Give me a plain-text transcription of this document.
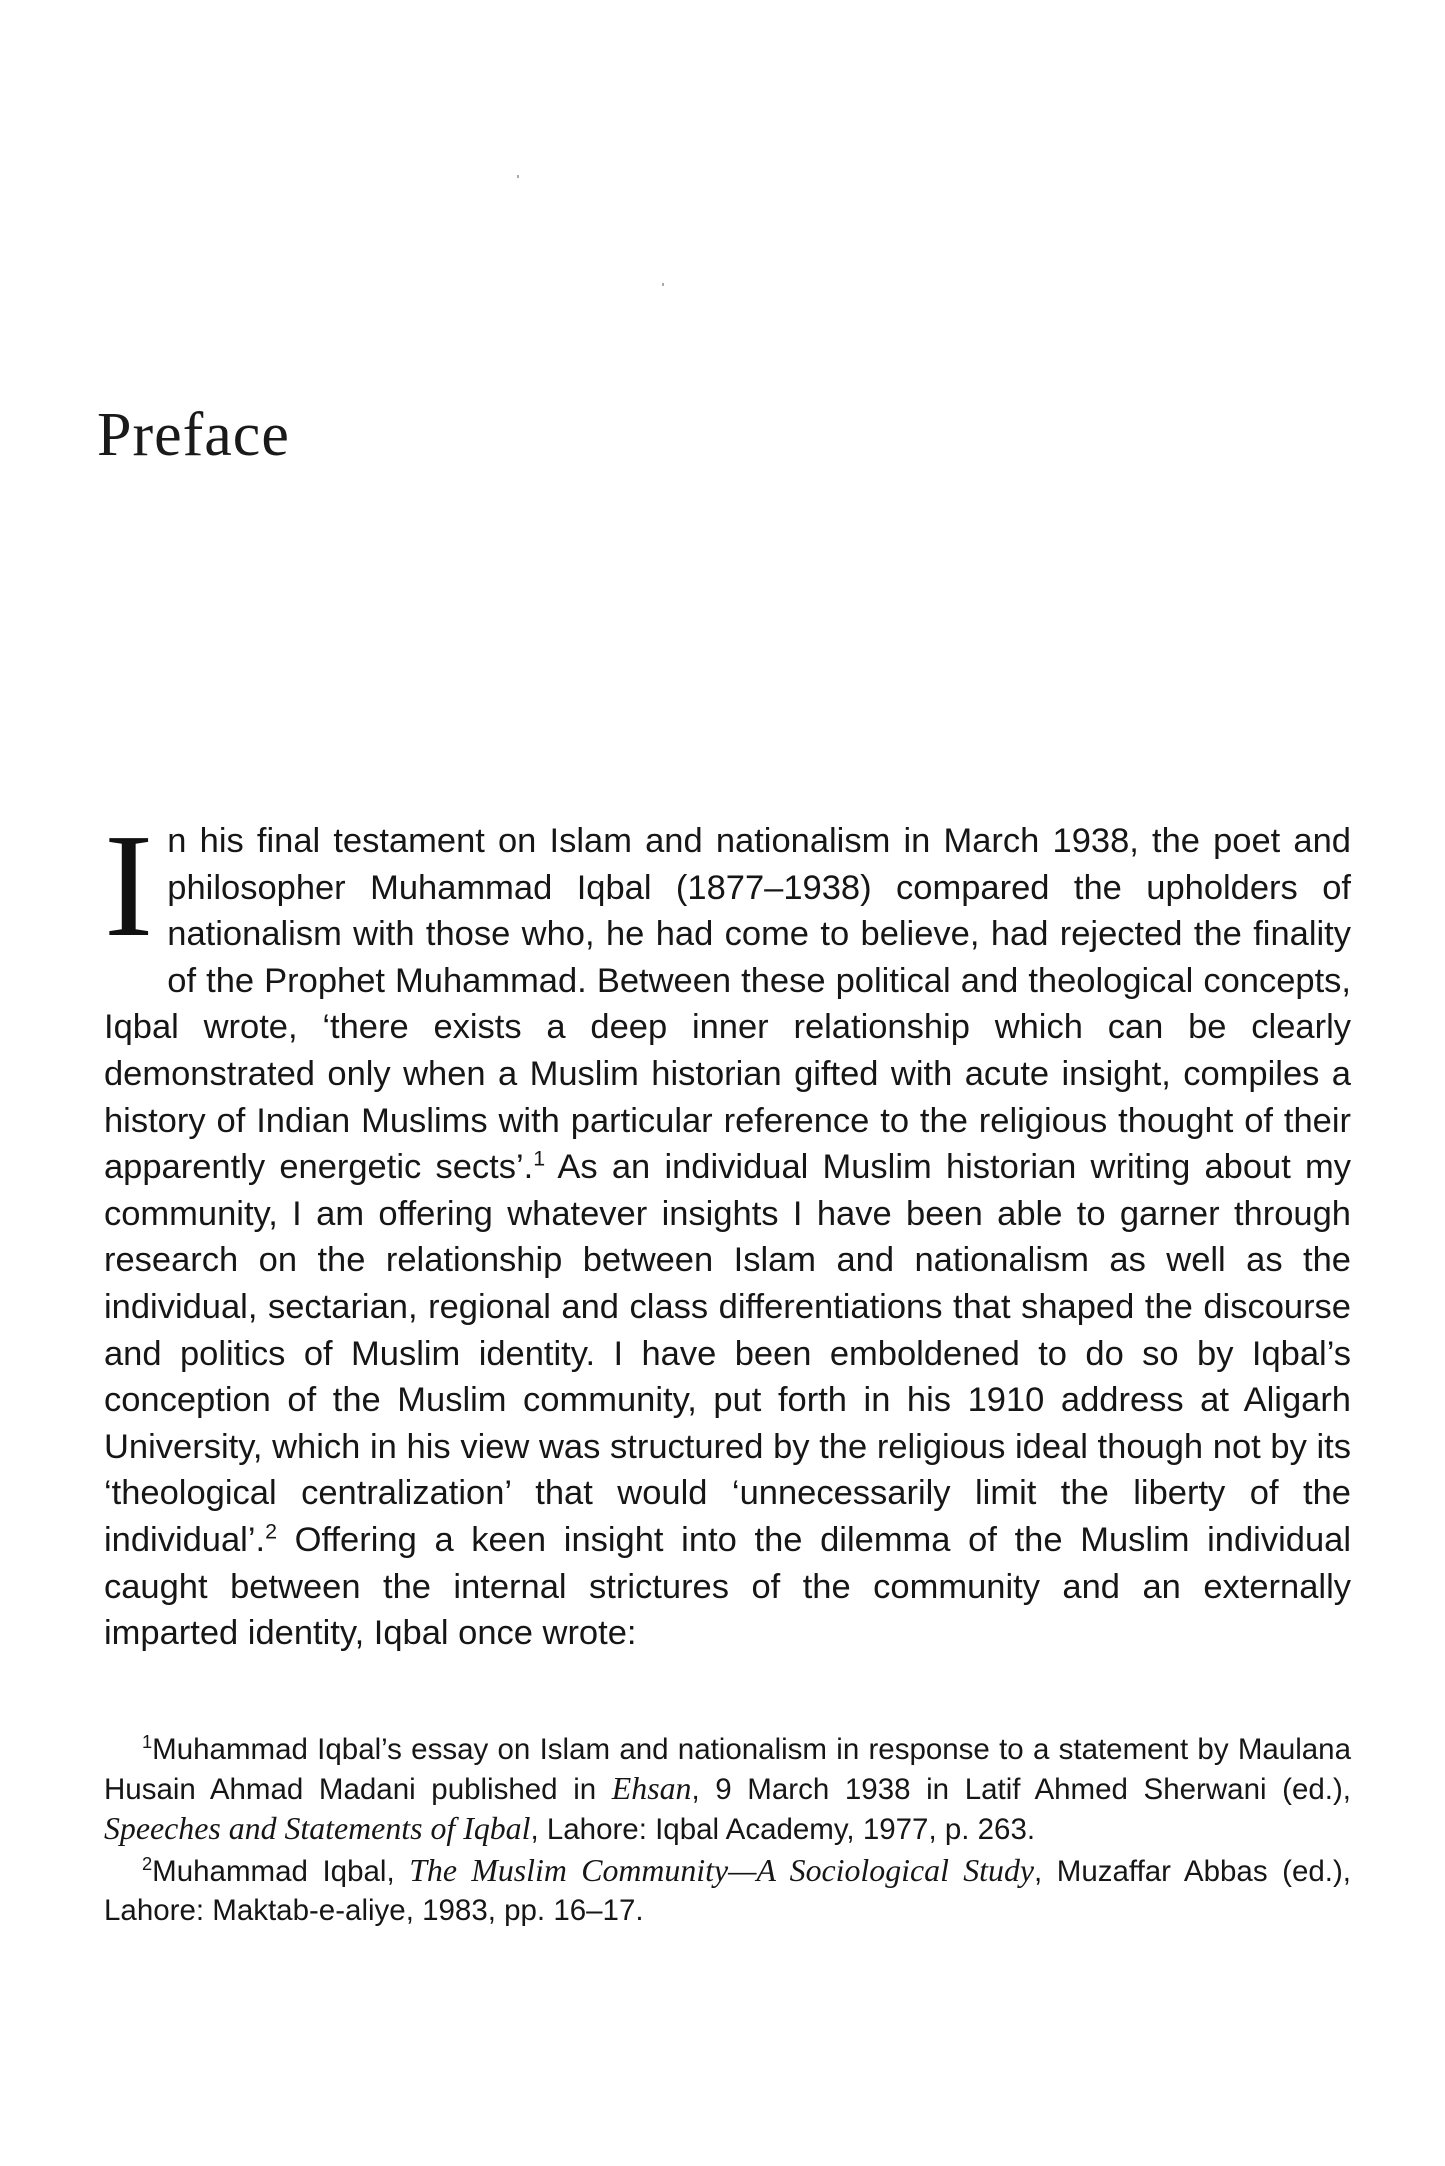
Preface

In his final testament on Islam and nationalism in March 1938, the poet and philosopher Muhammad Iqbal (1877–1938) compared the upholders of nationalism with those who, he had come to believe, had rejected the finality of the Prophet Muhammad. Between these political and theological concepts, Iqbal wrote, ‘there exists a deep inner relationship which can be clearly demonstrated only when a Muslim historian gifted with acute insight, compiles a history of Indian Muslims with particular reference to the religious thought of their apparently energetic sects’.$^1$ As an individual Muslim historian writing about my community, I am offering whatever insights I have been able to garner through research on the relationship between Islam and nationalism as well as the individual, sectarian, regional and class differentiations that shaped the discourse and politics of Muslim identity. I have been emboldened to do so by Iqbal’s conception of the Muslim community, put forth in his 1910 address at Aligarh University, which in his view was structured by the religious ideal though not by its ‘theological centralization’ that would ‘unnecessarily limit the liberty of the individual’.$^2$ Offering a keen insight into the dilemma of the Muslim individual caught between the internal strictures of the community and an externally imparted identity, Iqbal once wrote:

$^1$Muhammad Iqbal’s essay on Islam and nationalism in response to a statement by Maulana Husain Ahmad Madani published in Ehsan, 9 March 1938 in Latif Ahmed Sherwani (ed.), Speeches and Statements of Iqbal, Lahore: Iqbal Academy, 1977, p. 263.

$^2$Muhammad Iqbal, The Muslim Community—A Sociological Study, Muzaffar Abbas (ed.), Lahore: Maktab-e-aliye, 1983, pp. 16–17.
